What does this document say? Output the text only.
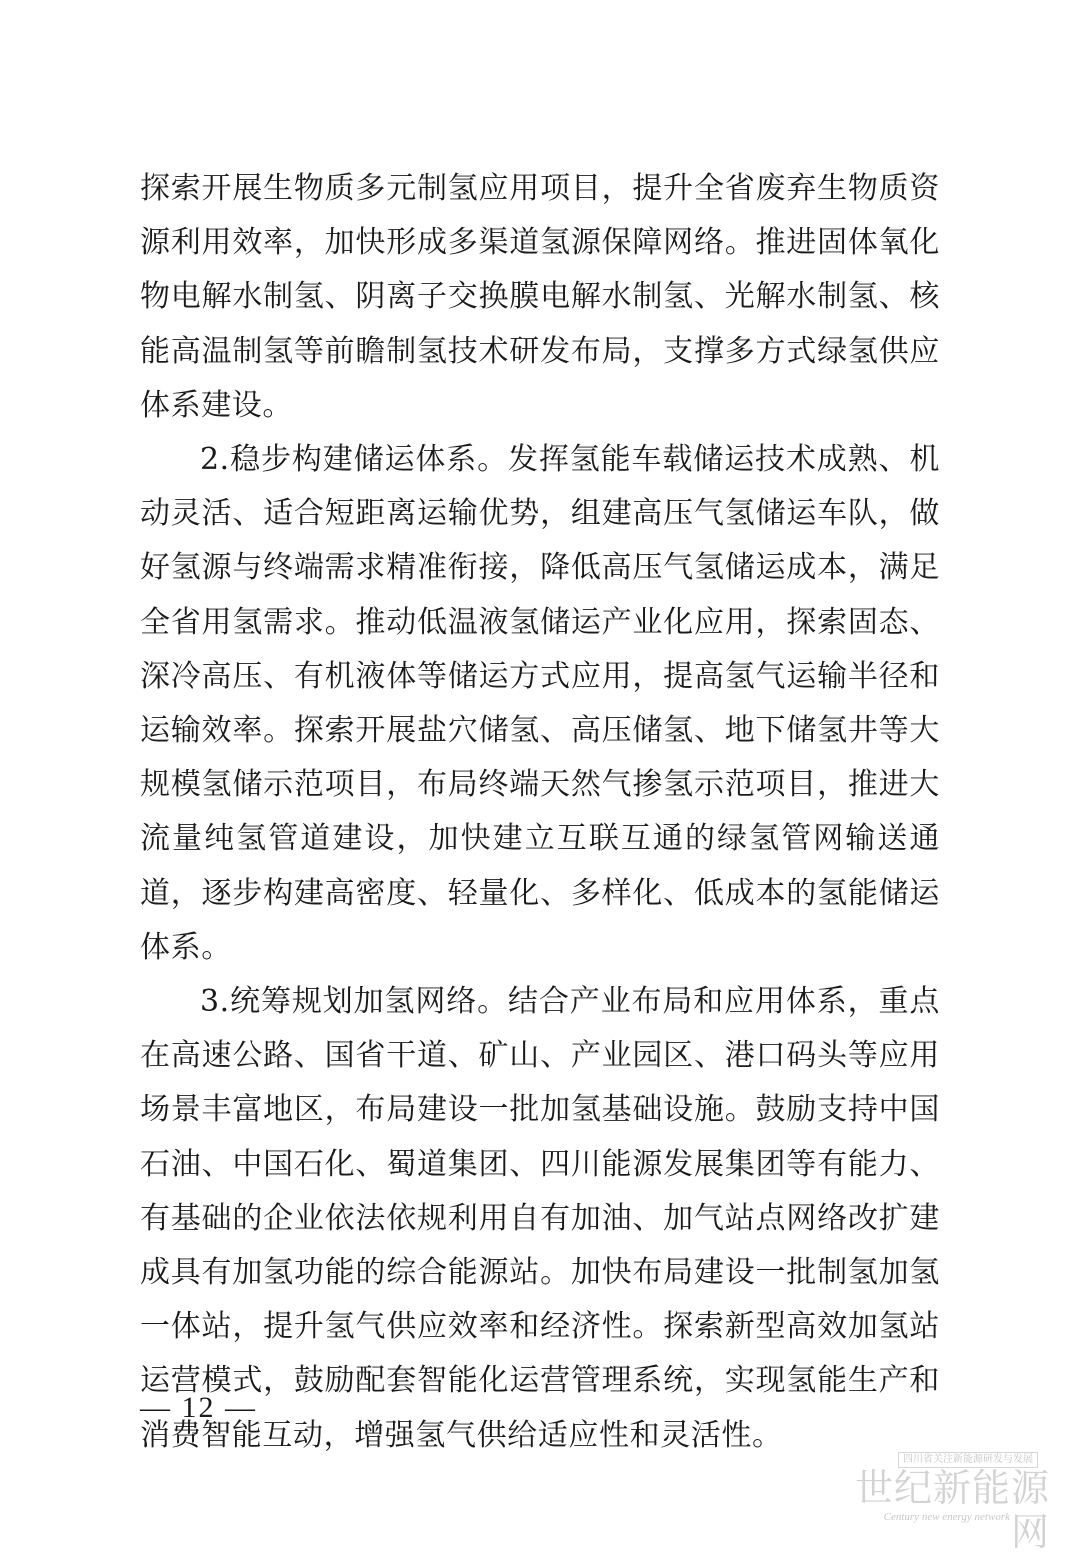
探索开展生物质多元制氢应用项目，提升全省废弃生物质资源利用效率，加快形成多渠道氢源保障网络。推进固体氧化物电解水制氢、阴离子交换膜电解水制氢、光解水制氢、核能高温制氢等前瞻制氢技术研发布局，支撑多方式绿氢供应体系建设。

2.稳步构建储运体系。发挥氢能车载储运技术成熟、机动灵活、适合短距离运输优势，组建高压气氢储运车队，做好氢源与终端需求精准衔接，降低高压气氢储运成本，满足全省用氢需求。推动低温液氢储运产业化应用，探索固态、深冷高压、有机液体等储运方式应用，提高氢气运输半径和运输效率。探索开展盐穴储氢、高压储氢、地下储氢井等大规模氢储示范项目，布局终端天然气掺氢示范项目，推进大流量纯氢管道建设，加快建立互联互通的绿氢管网输送通道，逐步构建高密度、轻量化、多样化、低成本的氢能储运体系。

3.统筹规划加氢网络。结合产业布局和应用体系，重点在高速公路、国省干道、矿山、产业园区、港口码头等应用场景丰富地区，布局建设一批加氢基础设施。鼓励支持中国石油、中国石化、蜀道集团、四川能源发展集团等有能力、有基础的企业依法依规利用自有加油、加气站点网络改扩建成具有加氢功能的综合能源站。加快布局建设一批制氢加氢一体站，提升氢气供应效率和经济性。探索新型高效加氢站运营模式，鼓励配套智能化运营管理系统，实现氢能生产和消费智能互动，增强氢气供给适应性和灵活性。

— 12 —
四川省关注新能源研发与发展
世纪新能源网
Century new energy network
